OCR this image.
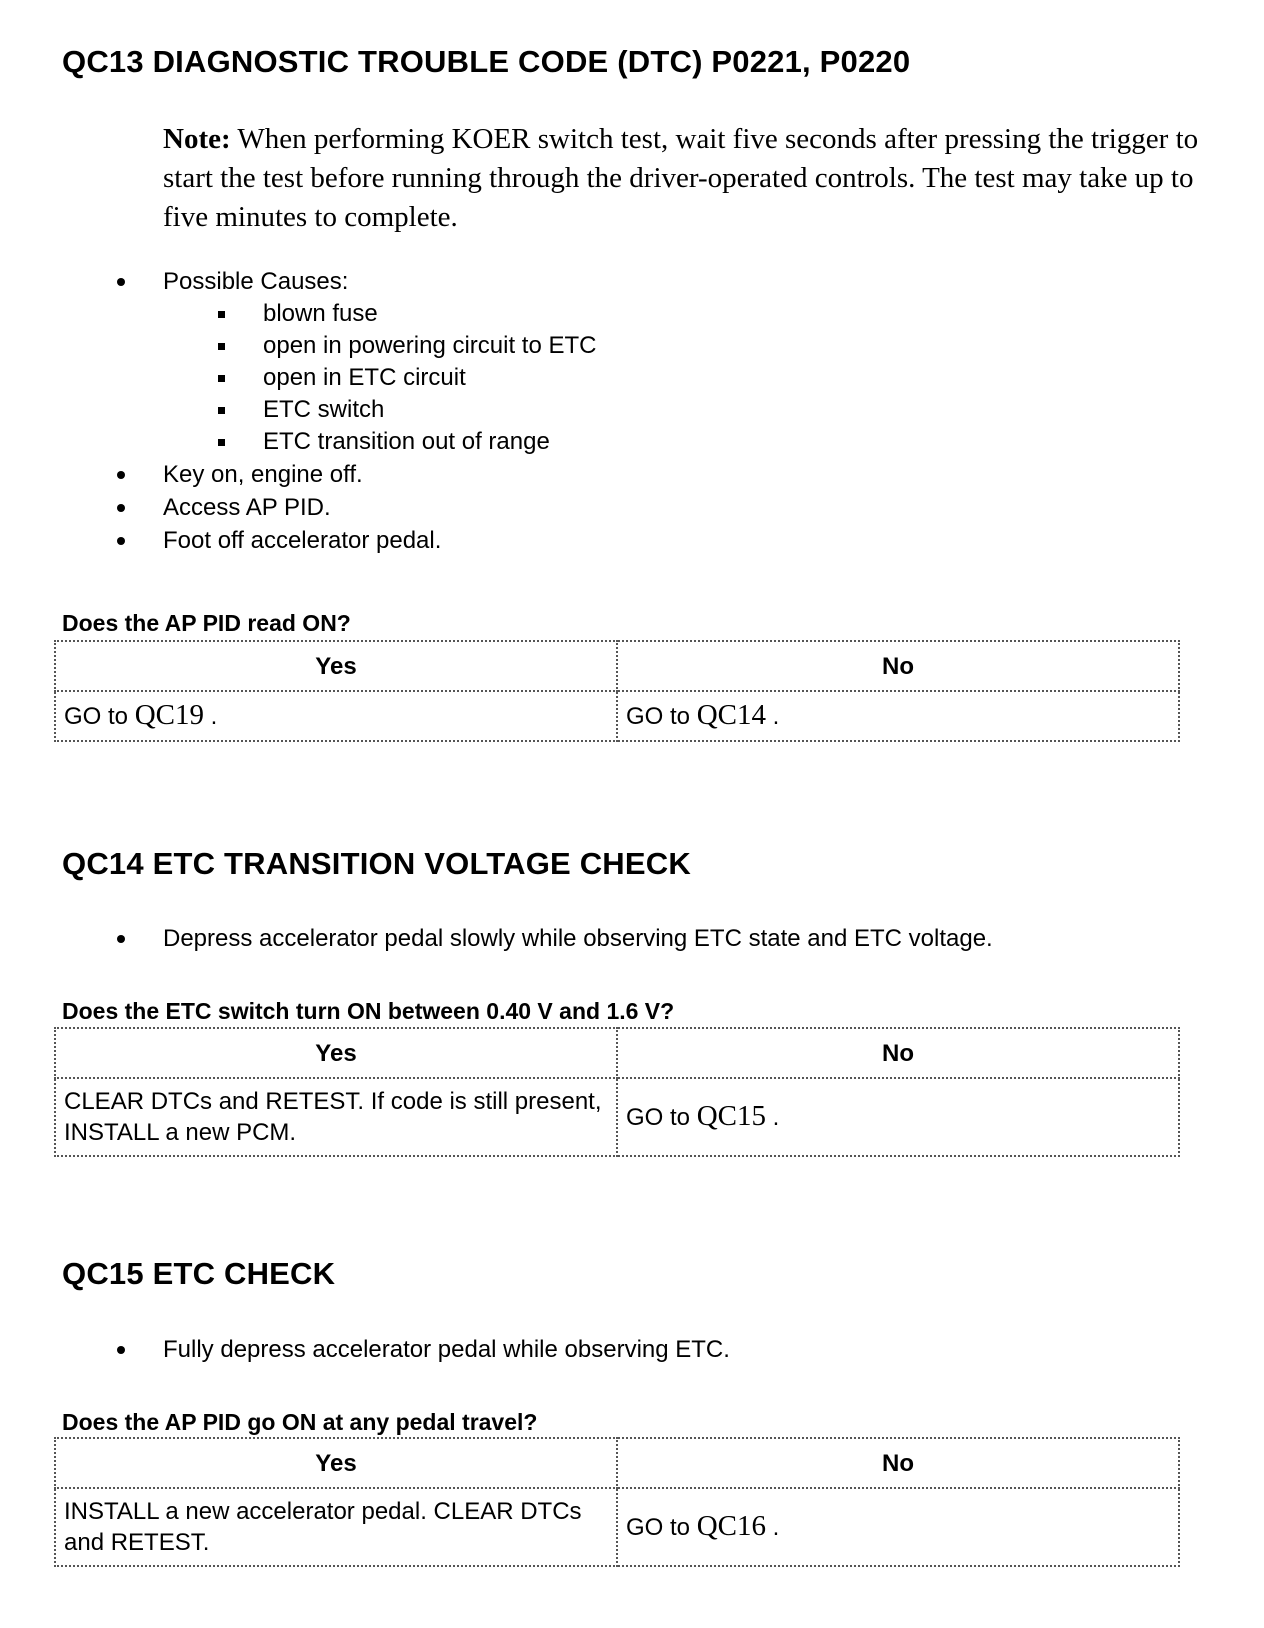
QC13 DIAGNOSTIC TROUBLE CODE (DTC) P0221, P0220

Note: When performing KOER switch test, wait five seconds after pressing the trigger to start the test before running through the driver-operated controls. The test may take up to five minutes to complete.

Possible Causes:
blown fuse
open in powering circuit to ETC
open in ETC circuit
ETC switch
ETC transition out of range
Key on, engine off.
Access AP PID.
Foot off accelerator pedal.

Does the AP PID read ON?

Yes	No
GO to QC19 .	GO to QC14 .
QC14 ETC TRANSITION VOLTAGE CHECK
Depress accelerator pedal slowly while observing ETC state and ETC voltage.

Does the ETC switch turn ON between 0.40 V and 1.6 V?

Yes	No
CLEAR DTCs and RETEST. If code is still present, INSTALL a new PCM.	GO to QC15 .
QC15 ETC CHECK
Fully depress accelerator pedal while observing ETC.

Does the AP PID go ON at any pedal travel?

Yes	No
INSTALL a new accelerator pedal. CLEAR DTCs and RETEST.	GO to QC16 .
